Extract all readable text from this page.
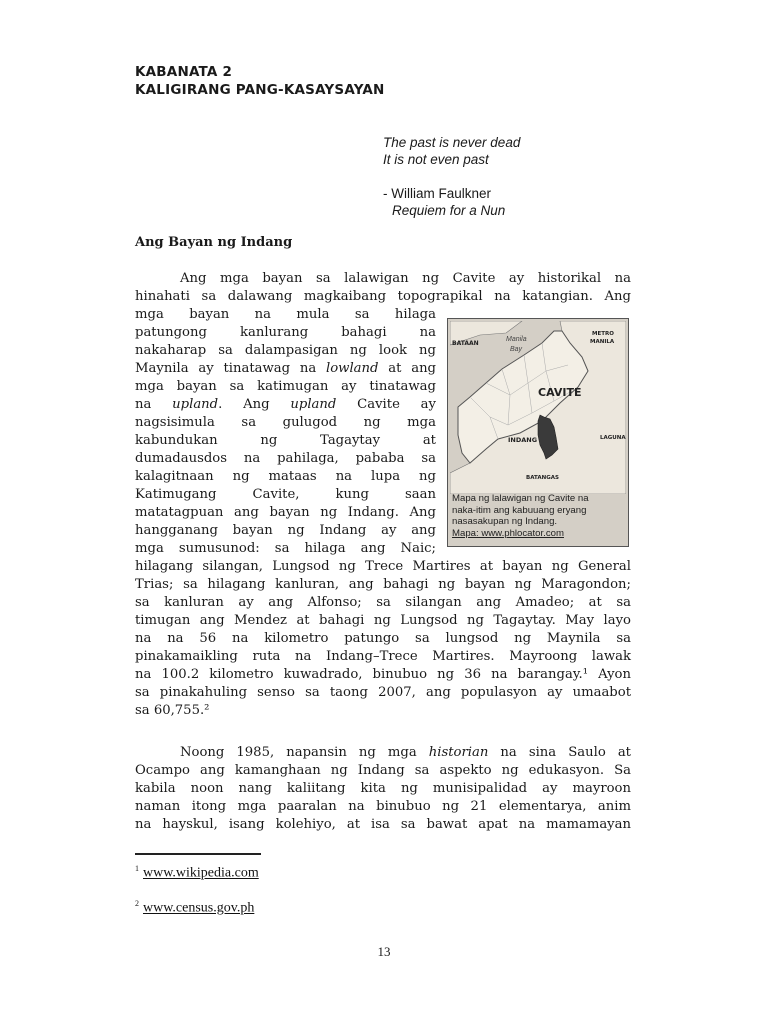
KABANATA 2
KALIGIRANG PANG-KASAYSAYAN
The past is never dead
It is not even past
- William Faulkner
Requiem for a Nun
Ang Bayan ng Indang
Ang mga bayan sa lalawigan ng Cavite ay historikal na
hinahati sa dalawang magkaibang topograpikal na katangian. Ang
mga bayan na mula sa hilaga
patungong kanlurang bahagi na
nakaharap sa dalampasigan ng look ng
Maynila ay tinatawag na lowland at ang
mga bayan sa katimugan ay tinatawag
na upland. Ang upland Cavite ay
nagsisimula sa gulugod ng mga
kabundukan ng Tagaytay at
dumadausdos na pahilaga, pababa sa
kalagitnaan ng mataas na lupa ng
Katimugang Cavite, kung saan
matatagpuan ang bayan ng Indang. Ang
hangganang bayan ng Indang ay ang
mga sumusunod: sa hilaga ang Naic;
hilagang silangan, Lungsod ng Trece Martires at bayan ng General
Trias; sa hilagang kanluran, ang bahagi ng bayan ng Maragondon;
sa kanluran ay ang Alfonso; sa silangan ang Amadeo; at sa
timugan ang Mendez at bahagi ng Lungsod ng Tagaytay. May layo
na na 56 na kilometro patungo sa lungsod ng Maynila sa
pinakamaikling ruta na Indang–Trece Martires. Mayroong lawak
na 100.2 kilometro kuwadrado, binubuo ng 36 na barangay.¹ Ayon
sa pinakahuling senso sa taong 2007, ang populasyon ay umaabot
sa 60,755.²
Noong 1985, napansin ng mga historian na sina Saulo at
Ocampo ang kamanghaan ng Indang sa aspekto ng edukasyon. Sa
kabila noon nang kaliitang kita ng munisipalidad ay mayroon
naman itong mga paaralan na binubuo ng 21 elementarya, anim
na hayskul, isang kolehiyo, at isa sa bawat apat na mamamayan
BATAAN
Manila
Bay
METRO
MANILA
CAVITE
INDANG	LAGUNA
BATANGAS
Mapa ng lalawigan ng Cavite na
naka-itim ang kabuuang eryang
nasasakupan ng Indang.
Mapa: www.phlocator.com
$^1$ www.wikipedia.com
$^2$ www.census.gov.ph
13
